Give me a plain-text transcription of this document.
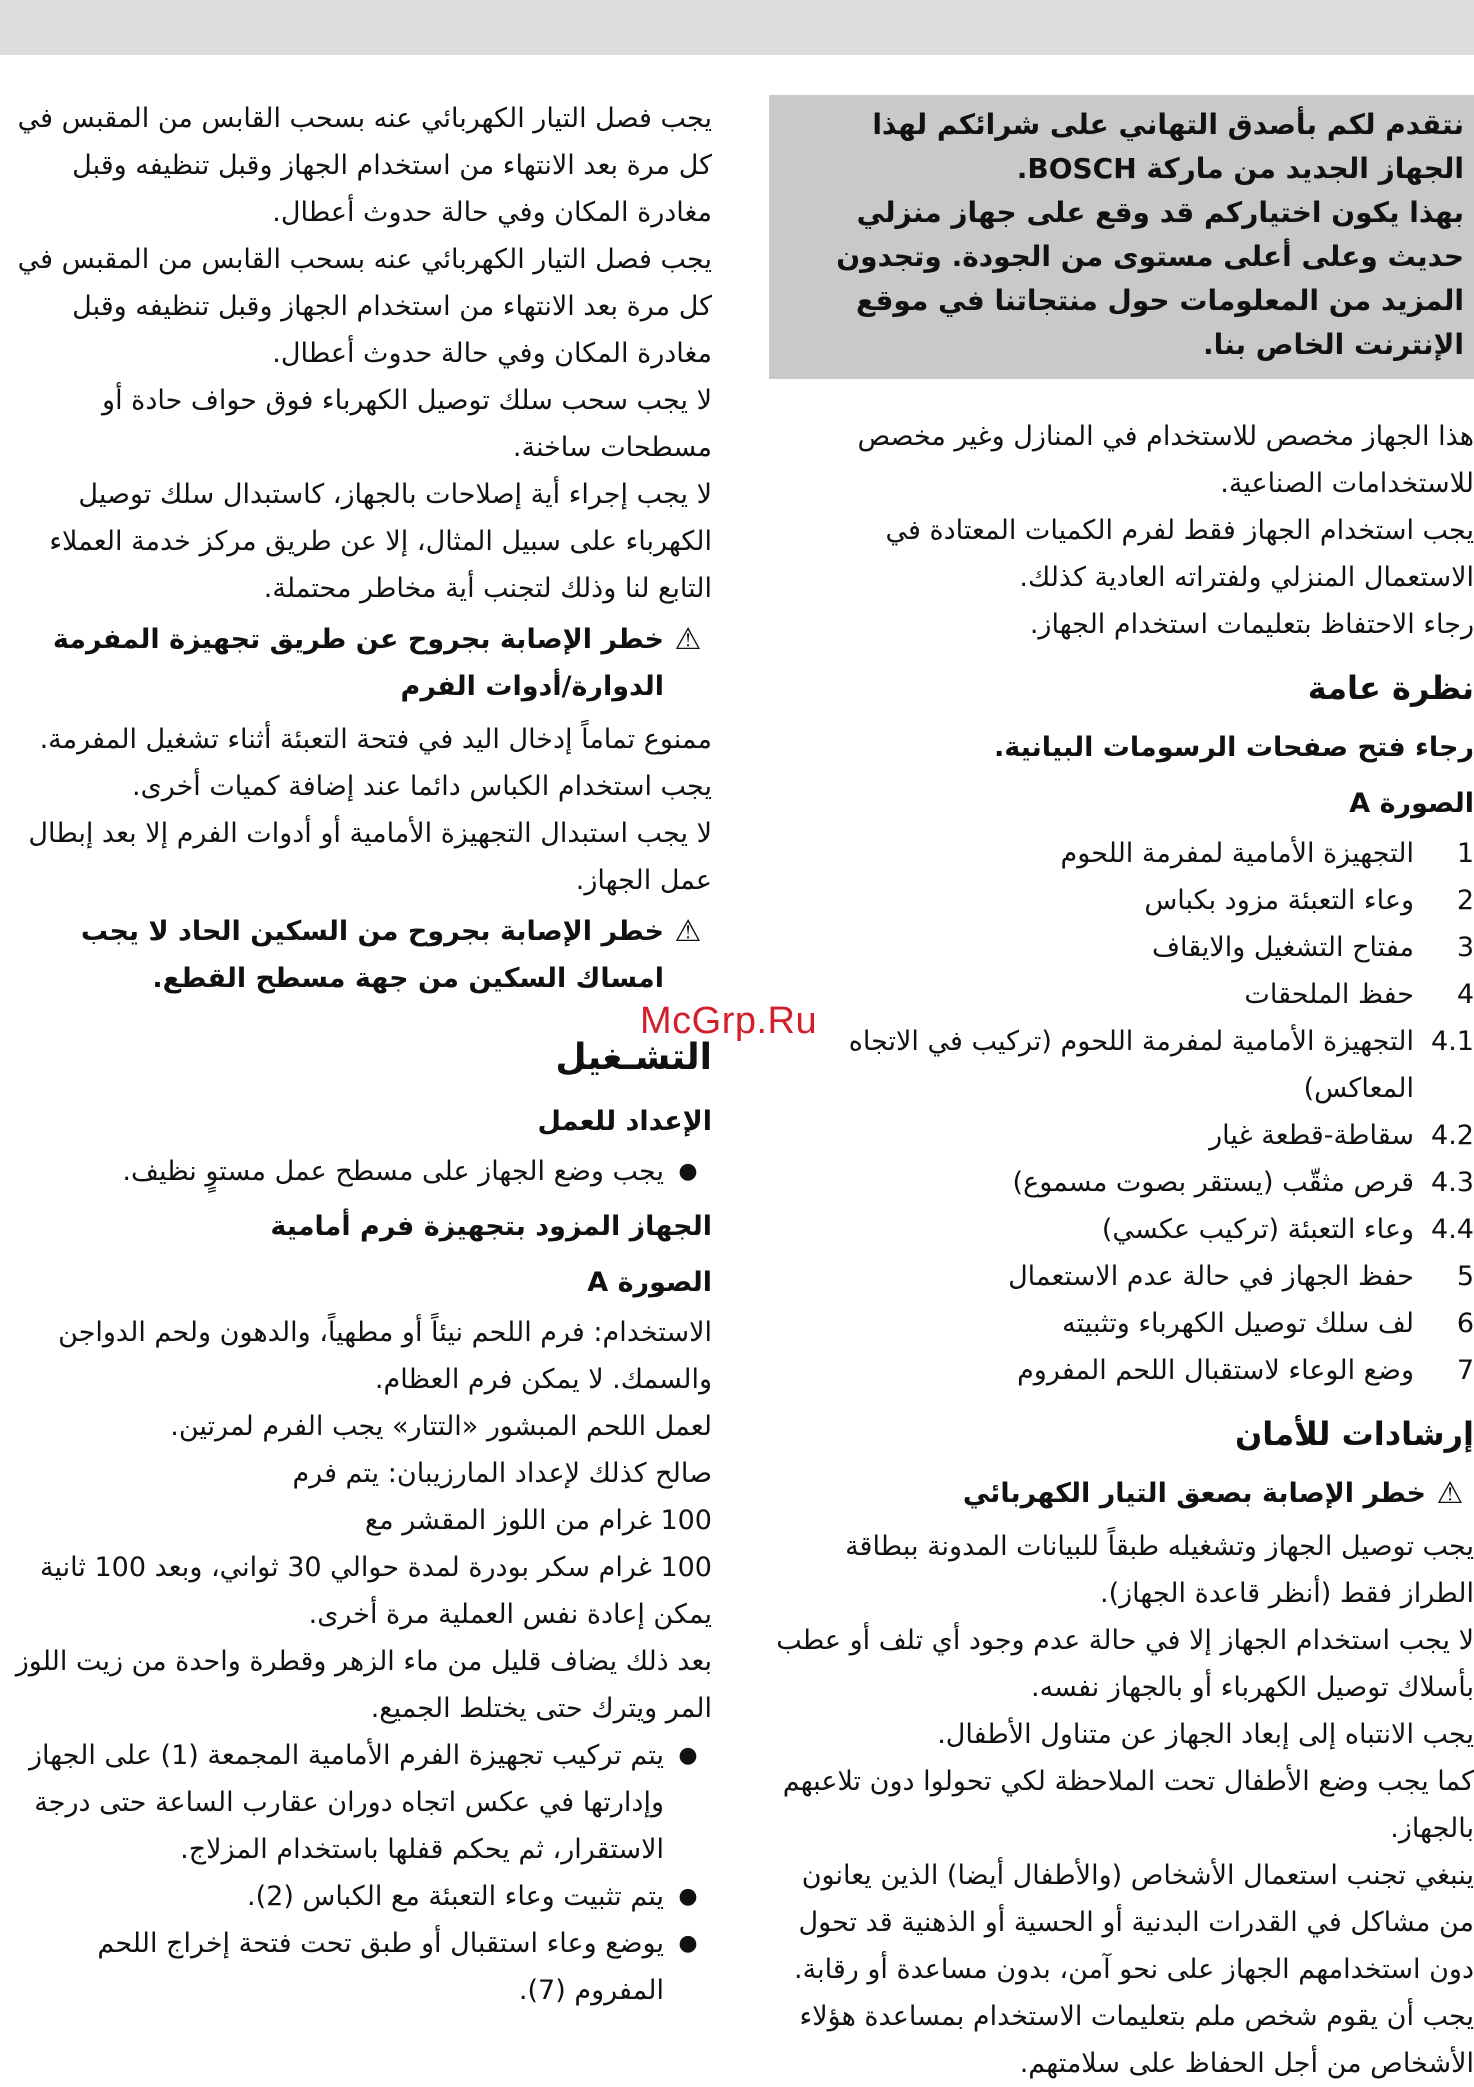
نتقدم لكم بأصدق التهاني على شرائكم لهذا الجهاز الجديد من ماركة BOSCH.

بهذا يكون اختياركم قد وقع على جهاز منزلي حديث وعلى أعلى مستوى من الجودة. وتجدون المزيد من المعلومات حول منتجاتنا في موقع الإنترنت الخاص بنا.

هذا الجهاز مخصص للاستخدام في المنازل وغير مخصص للاستخدامات الصناعية.

يجب استخدام الجهاز فقط لفرم الكميات المعتادة في الاستعمال المنزلي ولفتراته العادية كذلك.

رجاء الاحتفاظ بتعليمات استخدام الجهاز.

نظرة عامة
رجاء فتح صفحات الرسومات البيانية.
الصورة A
1
التجهيزة الأمامية لمفرمة اللحوم
2
وعاء التعبئة مزود بكباس
3
مفتاح التشغيل والايقاف
4
حفظ الملحقات
4.1
التجهيزة الأمامية لمفرمة اللحوم (تركيب في الاتجاه المعاكس)
4.2
سقاطة-قطعة غيار
4.3
قرص مثقّب (يستقر بصوت مسموع)
4.4
وعاء التعبئة (تركيب عكسي)
5
حفظ الجهاز في حالة عدم الاستعمال
6
لف سلك توصيل الكهرباء وتثبيته
7
وضع الوعاء لاستقبال اللحم المفروم
إرشادات للأمان
⚠
خطر الإصابة بصعق التيار الكهربائي

يجب توصيل الجهاز وتشغيله طبقاً للبيانات المدونة ببطاقة الطراز فقط (أنظر قاعدة الجهاز).

لا يجب استخدام الجهاز إلا في حالة عدم وجود أي تلف أو عطب بأسلاك توصيل الكهرباء أو بالجهاز نفسه.

يجب الانتباه إلى إبعاد الجهاز عن متناول الأطفال.

كما يجب وضع الأطفال تحت الملاحظة لكي تحولوا دون تلاعبهم بالجهاز.

ينبغي تجنب استعمال الأشخاص (والأطفال أيضا) الذين يعانون من مشاكل في القدرات البدنية أو الحسية أو الذهنية قد تحول دون استخدامهم الجهاز على نحو آمن، بدون مساعدة أو رقابة. يجب أن يقوم شخص ملم بتعليمات الاستخدام بمساعدة هؤلاء الأشخاص من أجل الحفاظ على سلامتهم.

يجب فصل التيار الكهربائي عنه بسحب القابس من المقبس في كل مرة بعد الانتهاء من استخدام الجهاز وقبل تنظيفه وقبل مغادرة المكان وفي حالة حدوث أعطال.

يجب فصل التيار الكهربائي عنه بسحب القابس من المقبس في كل مرة بعد الانتهاء من استخدام الجهاز وقبل تنظيفه وقبل مغادرة المكان وفي حالة حدوث أعطال.

لا يجب سحب سلك توصيل الكهرباء فوق حواف حادة أو مسطحات ساخنة.

لا يجب إجراء أية إصلاحات بالجهاز، كاستبدال سلك توصيل الكهرباء على سبيل المثال، إلا عن طريق مركز خدمة العملاء التابع لنا وذلك لتجنب أية مخاطر محتملة.

⚠
خطر الإصابة بجروح عن طريق تجهيزة المفرمة الدوارة/أدوات الفرم

ممنوع تماماً إدخال اليد في فتحة التعبئة أثناء تشغيل المفرمة.

يجب استخدام الكباس دائما عند إضافة كميات أخرى.

لا يجب استبدال التجهيزة الأمامية أو أدوات الفرم إلا بعد إبطال عمل الجهاز.

⚠
خطر الإصابة بجروح من السكين الحاد لا يجب امساك السكين من جهة مسطح القطع.
التشـغيل
الإعداد للعمل
●
يجب وضع الجهاز على مسطح عمل مستوٍ نظيف.
الجهاز المزود بتجهيزة فرم أمامية
الصورة A

الاستخدام: فرم اللحم نيئاً أو مطهياً، والدهون ولحم الدواجن والسمك. لا يمكن فرم العظام.

لعمل اللحم المبشور «التتار» يجب الفرم لمرتين.

صالح كذلك لإعداد المارزيبان: يتم فرم

100 غرام من اللوز المقشر مع

100 غرام سكر بودرة لمدة حوالي 30 ثواني، وبعد 100 ثانية يمكن إعادة نفس العملية مرة أخرى.

بعد ذلك يضاف قليل من ماء الزهر وقطرة واحدة من زيت اللوز المر ويترك حتى يختلط الجميع.

●
يتم تركيب تجهيزة الفرم الأمامية المجمعة (1) على الجهاز وإدارتها في عكس اتجاه دوران عقارب الساعة حتى درجة الاستقرار، ثم يحكم قفلها باستخدام المزلاج.
●
يتم تثبيت وعاء التعبئة مع الكباس (2).
●
يوضع وعاء استقبال أو طبق تحت فتحة إخراج اللحم المفروم (7).
McGrp.Ru
